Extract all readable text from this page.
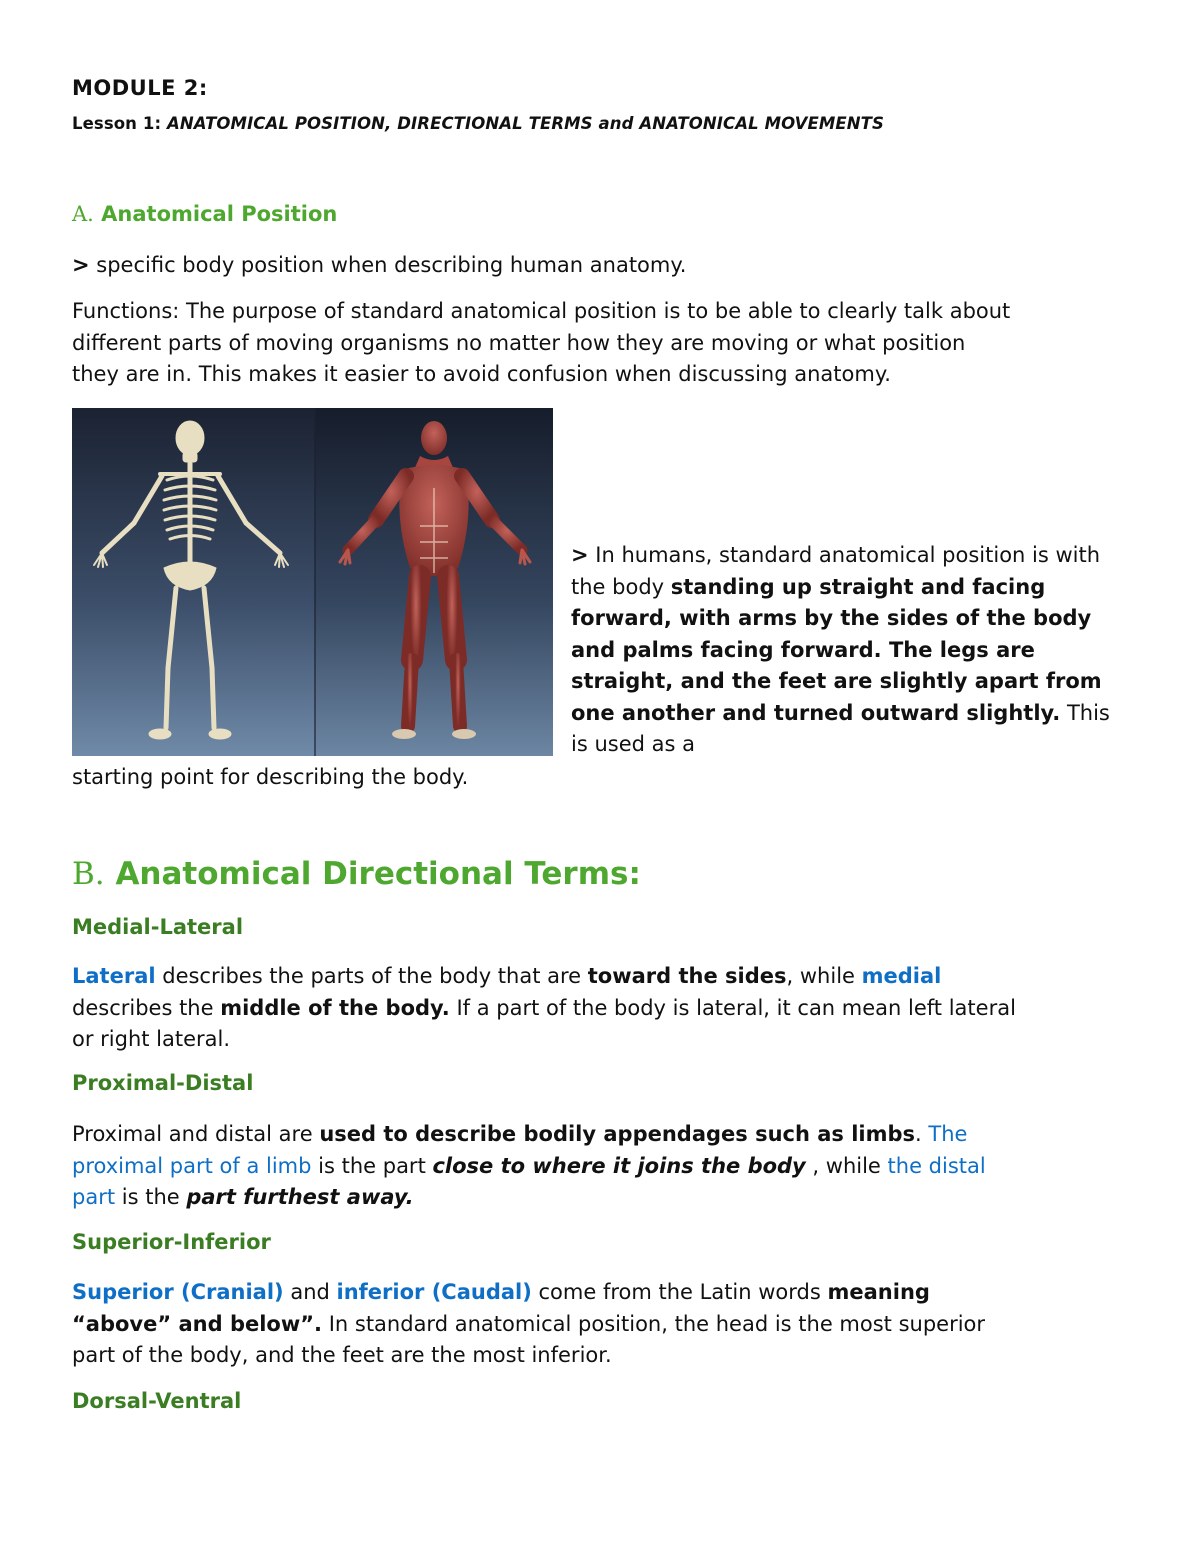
MODULE 2:
Lesson 1: ANATOMICAL POSITION, DIRECTIONAL TERMS and ANATONICAL MOVEMENTS
A. Anatomical Position
> specific body position when describing human anatomy.
Functions: The purpose of standard anatomical position is to be able to clearly talk about
different parts of moving organisms no matter how they are moving or what position
they are in. This makes it easier to avoid confusion when discussing anatomy.
> In humans, standard anatomical position is with the body standing up straight and facing forward, with arms by the sides of the body and palms facing forward. The legs are straight, and the feet are slightly apart from one another and turned outward slightly. This is used as a
starting point for describing the body.
B. Anatomical Directional Terms:
Medial-Lateral
Lateral describes the parts of the body that are toward the sides, while medial
describes the middle of the body. If a part of the body is lateral, it can mean left lateral
or right lateral.
Proximal-Distal
Proximal and distal are used to describe bodily appendages such as limbs. The
proximal part of a limb is the part close to where it joins the body , while the distal
part is the part furthest away.
Superior-Inferior
Superior (Cranial) and inferior (Caudal) come from the Latin words meaning
“above” and below”. In standard anatomical position, the head is the most superior
part of the body, and the feet are the most inferior.
Dorsal-Ventral
